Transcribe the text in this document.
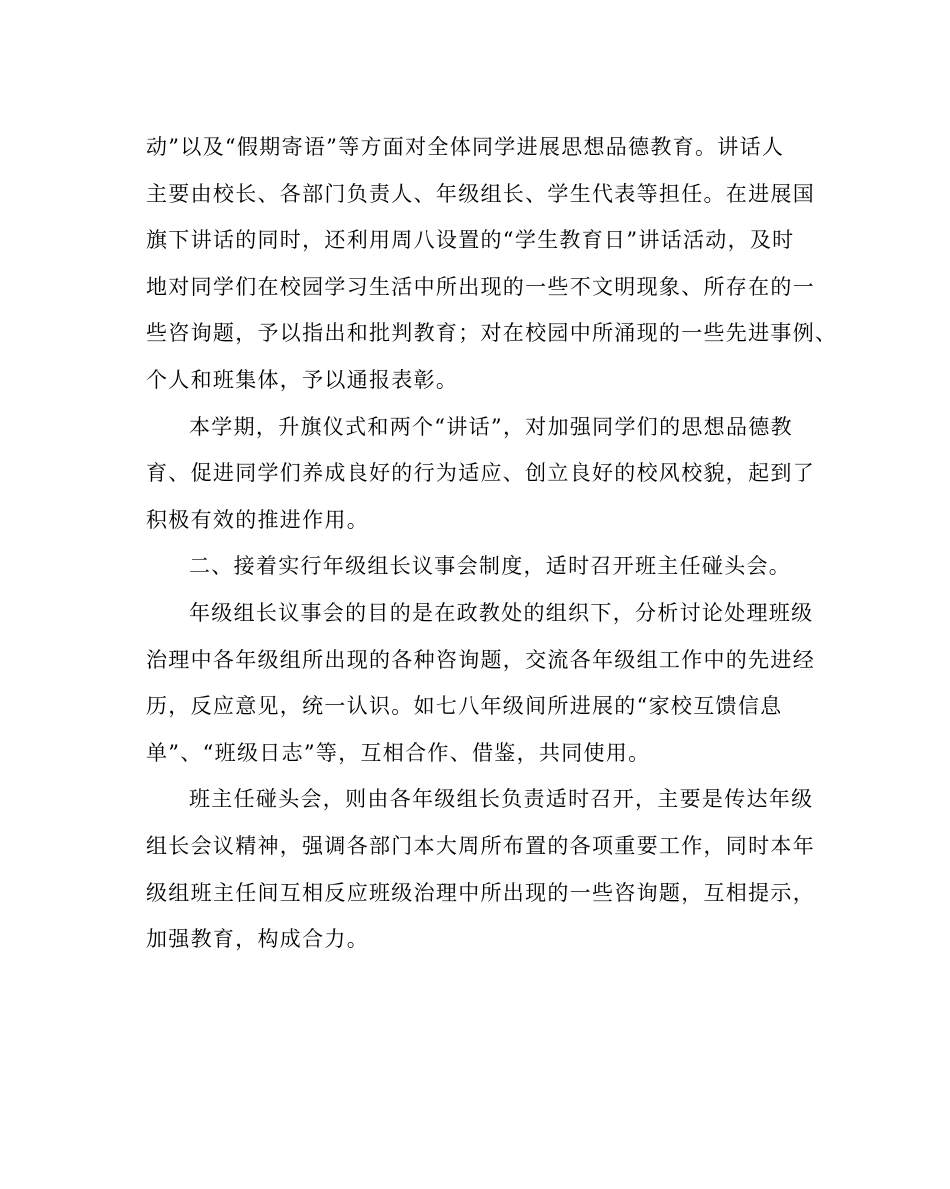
动”以及“假期寄语”等方面对全体同学进展思想品德教育。讲话人
主要由校长、各部门负责人、年级组长、学生代表等担任。在进展国
旗下讲话的同时，还利用周八设置的“学生教育日”讲话活动，及时
地对同学们在校园学习生活中所出现的一些不文明现象、所存在的一
些咨询题，予以指出和批判教育；对在校园中所涌现的一些先进事例、
个人和班集体，予以通报表彰。
本学期，升旗仪式和两个“讲话”，对加强同学们的思想品德教
育、促进同学们养成良好的行为适应、创立良好的校风校貌，起到了
积极有效的推进作用。
二、接着实行年级组长议事会制度，适时召开班主任碰头会。
年级组长议事会的目的是在政教处的组织下，分析讨论处理班级
治理中各年级组所出现的各种咨询题，交流各年级组工作中的先进经
历，反应意见，统一认识。如七八年级间所进展的“家校互馈信息
单”、“班级日志”等，互相合作、借鉴，共同使用。
班主任碰头会，则由各年级组长负责适时召开，主要是传达年级
组长会议精神，强调各部门本大周所布置的各项重要工作，同时本年
级组班主任间互相反应班级治理中所出现的一些咨询题，互相提示，
加强教育，构成合力。
